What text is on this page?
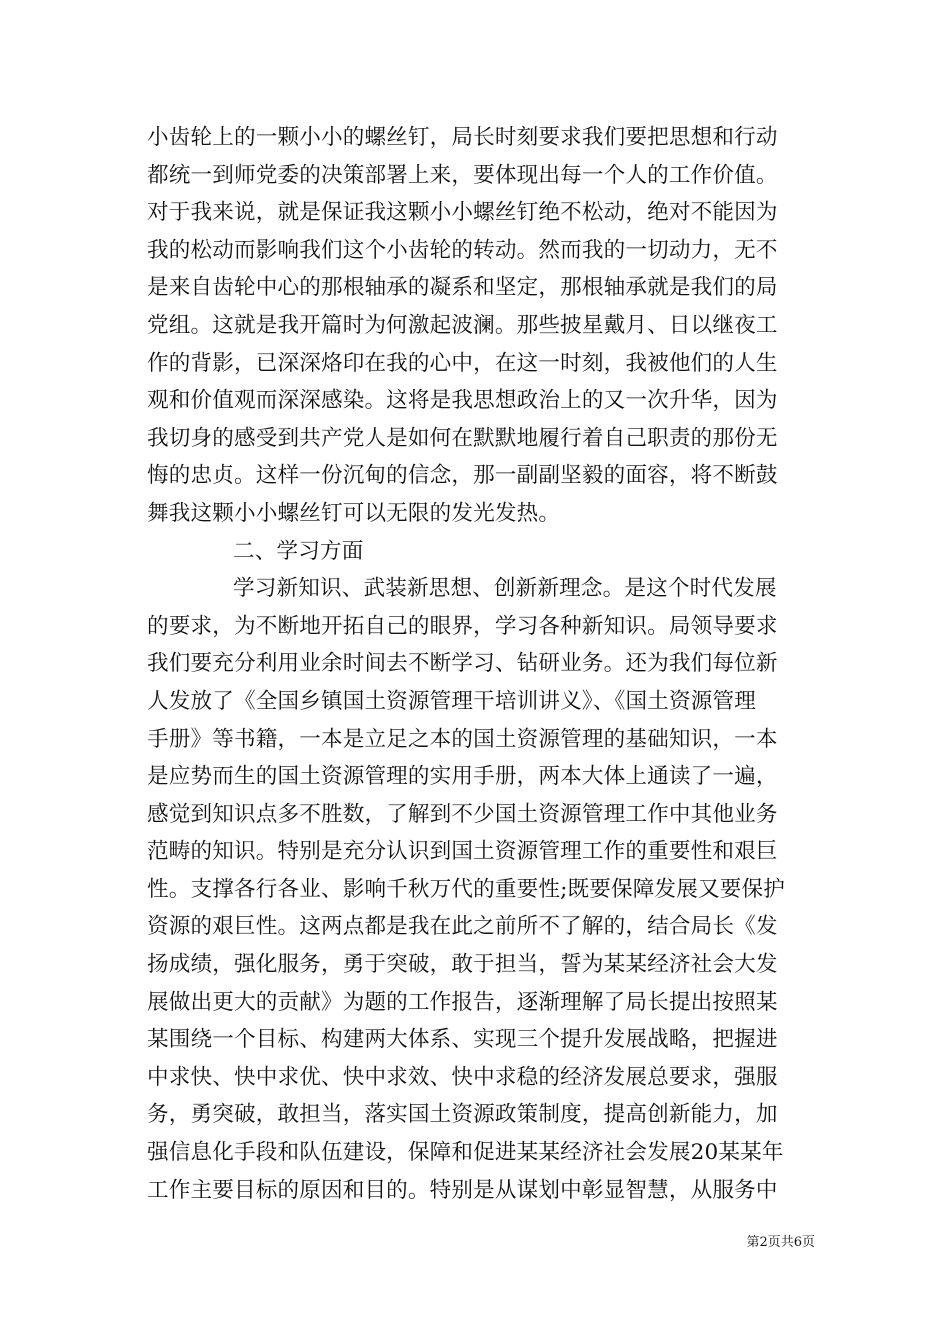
小齿轮上的一颗小小的螺丝钉，局长时刻要求我们要把思想和行动
都统一到师党委的决策部署上来，要体现出每一个人的工作价值。
对于我来说，就是保证我这颗小小螺丝钉绝不松动，绝对不能因为
我的松动而影响我们这个小齿轮的转动。然而我的一切动力，无不
是来自齿轮中心的那根轴承的凝系和坚定，那根轴承就是我们的局
党组。这就是我开篇时为何激起波澜。那些披星戴月、日以继夜工
作的背影，已深深烙印在我的心中，在这一时刻，我被他们的人生
观和价值观而深深感染。这将是我思想政治上的又一次升华，因为
我切身的感受到共产党人是如何在默默地履行着自己职责的那份无
悔的忠贞。这样一份沉甸的信念，那一副副坚毅的面容，将不断鼓
舞我这颗小小螺丝钉可以无限的发光发热。
二、学习方面
学习新知识、武装新思想、创新新理念。是这个时代发展
的要求，为不断地开拓自己的眼界，学习各种新知识。局领导要求
我们要充分利用业余时间去不断学习、钻研业务。还为我们每位新
人发放了《全国乡镇国土资源管理干培训讲义》、《国土资源管理
手册》等书籍，一本是立足之本的国土资源管理的基础知识，一本
是应势而生的国土资源管理的实用手册，两本大体上通读了一遍，
感觉到知识点多不胜数，了解到不少国土资源管理工作中其他业务
范畴的知识。特别是充分认识到国土资源管理工作的重要性和艰巨
性。支撑各行各业、影响千秋万代的重要性;既要保障发展又要保护
资源的艰巨性。这两点都是我在此之前所不了解的，结合局长《发
扬成绩，强化服务，勇于突破，敢于担当，誓为某某经济社会大发
展做出更大的贡献》为题的工作报告，逐渐理解了局长提出按照某
某围绕一个目标、构建两大体系、实现三个提升发展战略，把握进
中求快、快中求优、快中求效、快中求稳的经济发展总要求，强服
务，勇突破，敢担当，落实国土资源政策制度，提高创新能力，加
强信息化手段和队伍建设，保障和促进某某经济社会发展20某某年
工作主要目标的原因和目的。特别是从谋划中彰显智慧，从服务中
第2页共6页
